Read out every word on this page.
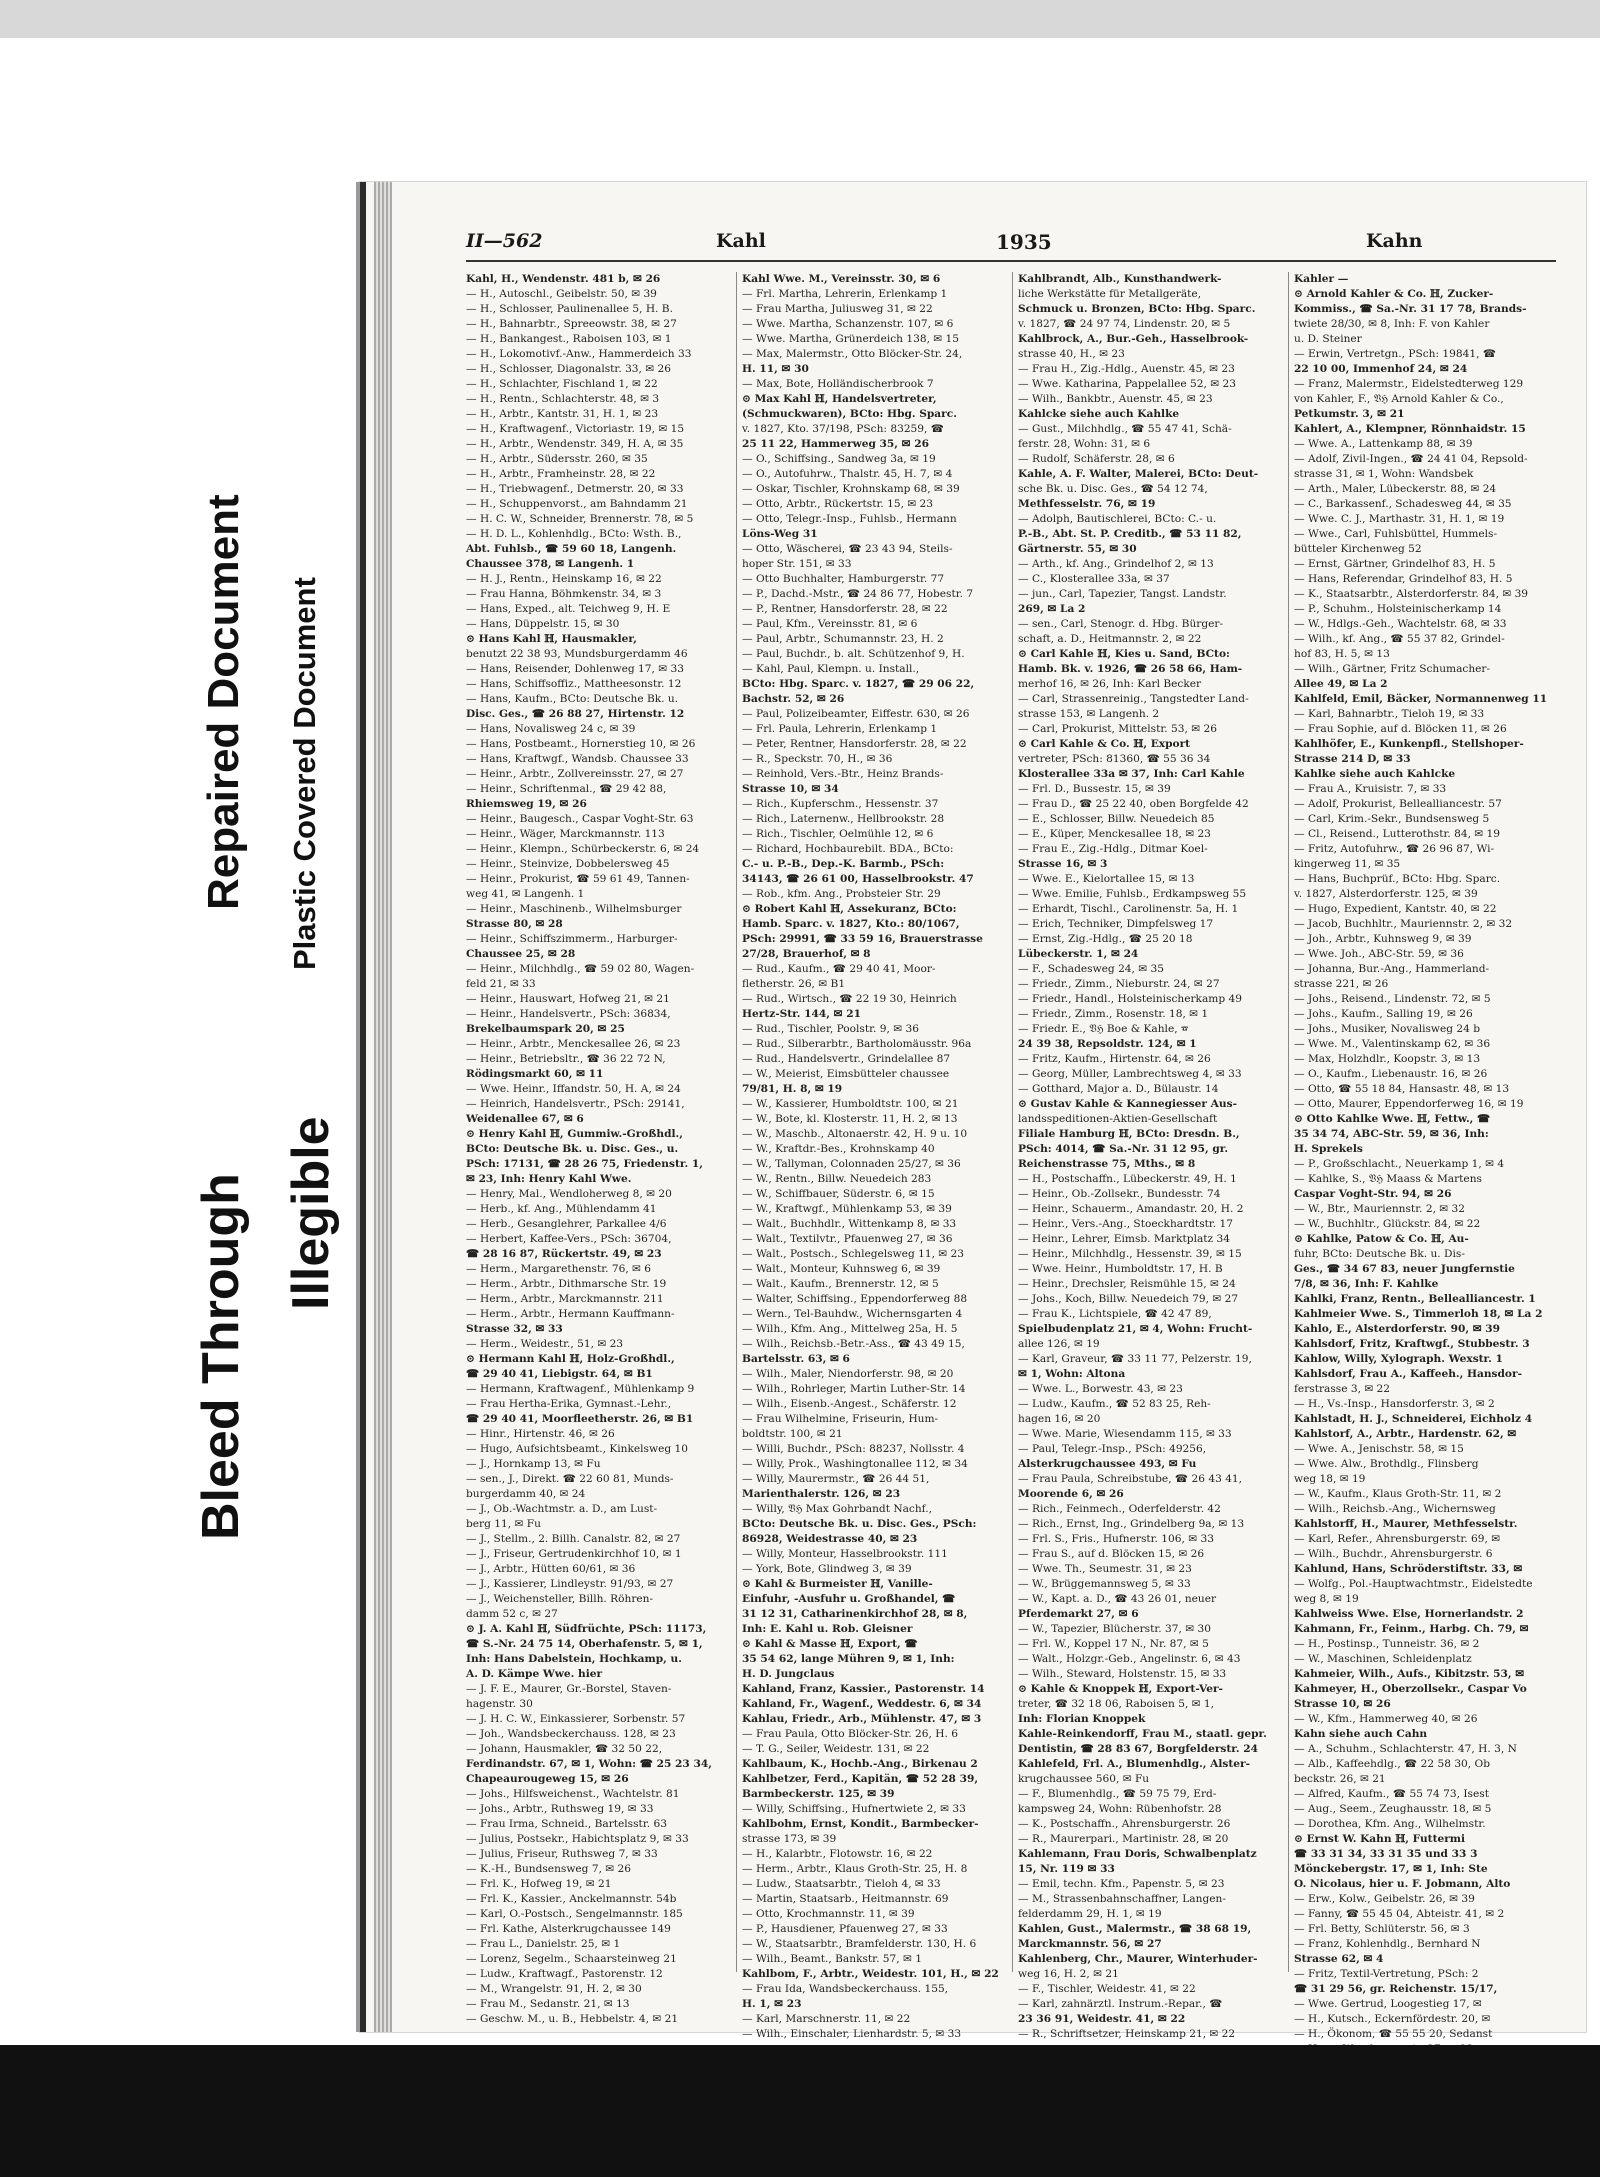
Bleed Through
Repaired Document
Illegible
Plastic Covered Document
II—562	Kahl	1935	Kahn
Kahl, H., Wendenstr. 481 b, ✉ 26
— H., Autoschl., Geibelstr. 50, ✉ 39
— H., Schlosser, Paulinenallee 5, H. B.
— H., Bahnarbtr., Spreeowstr. 38, ✉ 27
— H., Bankangest., Raboisen 103, ✉ 1
— H., Lokomotivf.-Anw., Hammerdeich 33
— H., Schlosser, Diagonalstr. 33, ✉ 26
— H., Schlachter, Fischland 1, ✉ 22
— H., Rentn., Schlachterstr. 48, ✉ 3
— H., Arbtr., Kantstr. 31, H. 1, ✉ 23
— H., Kraftwagenf., Victoriastr. 19, ✉ 15
— H., Arbtr., Wendenstr. 349, H. A, ✉ 35
— H., Arbtr., Südersstr. 260, ✉ 35
— H., Arbtr., Framheinstr. 28, ✉ 22
— H., Triebwagenf., Detmerstr. 20, ✉ 33
— H., Schuppenvorst., am Bahndamm 21
— H. C. W., Schneider, Brennerstr. 78, ✉ 5
— H. D. L., Kohlenhdlg., BCto: Wsth. B.,
Abt. Fuhlsb., ☎ 59 60 18, Langenh.
Chaussee 378, ✉ Langenh. 1
— H. J., Rentn., Heinskamp 16, ✉ 22
— Frau Hanna, Böhmkenstr. 34, ✉ 3
— Hans, Exped., alt. Teichweg 9, H. E
— Hans, Düppelstr. 15, ✉ 30
⊙ Hans Kahl ℍ, Hausmakler,
benutzt 22 38 93, Mundsburgerdamm 46
— Hans, Reisender, Dohlenweg 17, ✉ 33
— Hans, Schiffsoffiz., Mattheesonstr. 12
— Hans, Kaufm., BCto: Deutsche Bk. u.
Disc. Ges., ☎ 26 88 27, Hirtenstr. 12
— Hans, Novalisweg 24 c, ✉ 39
— Hans, Postbeamt., Hornerstieg 10, ✉ 26
— Hans, Kraftwgf., Wandsb. Chaussee 33
— Heinr., Arbtr., Zollvereinsstr. 27, ✉ 27
— Heinr., Schriftenmal., ☎ 29 42 88,
Rhiemsweg 19, ✉ 26
— Heinr., Baugesch., Caspar Voght-Str. 63
— Heinr., Wäger, Marckmannstr. 113
— Heinr., Klempn., Schürbeckerstr. 6, ✉ 24
— Heinr., Steinvize, Dobbelersweg 45
— Heinr., Prokurist, ☎ 59 61 49, Tannen-
weg 41, ✉ Langenh. 1
— Heinr., Maschinenb., Wilhelmsburger
Strasse 80, ✉ 28
— Heinr., Schiffszimmerm., Harburger-
Chaussee 25, ✉ 28
— Heinr., Milchhdlg., ☎ 59 02 80, Wagen-
feld 21, ✉ 33
— Heinr., Hauswart, Hofweg 21, ✉ 21
— Heinr., Handelsvertr., PSch: 36834,
Brekelbaumspark 20, ✉ 25
— Heinr., Arbtr., Menckesallee 26, ✉ 23
— Heinr., Betriebsltr., ☎ 36 22 72 N,
Rödingsmarkt 60, ✉ 11
— Wwe. Heinr., Iffandstr. 50, H. A, ✉ 24
— Heinrich, Handelsvertr., PSch: 29141,
Weidenallee 67, ✉ 6
⊙ Henry Kahl ℍ, Gummiw.-Großhdl.,
BCto: Deutsche Bk. u. Disc. Ges., u.
PSch: 17131, ☎ 28 26 75, Friedenstr. 1,
✉ 23, Inh: Henry Kahl Wwe.
— Henry, Mal., Wendloherweg 8, ✉ 20
— Herb., kf. Ang., Mühlendamm 41
— Herb., Gesanglehrer, Parkallee 4/6
— Herbert, Kaffee-Vers., PSch: 36704,
☎ 28 16 87, Rückertstr. 49, ✉ 23
— Herm., Margarethenstr. 76, ✉ 6
— Herm., Arbtr., Dithmarsche Str. 19
— Herm., Arbtr., Marckmannstr. 211
— Herm., Arbtr., Hermann Kauffmann-
Strasse 32, ✉ 33
— Herm., Weidestr., 51, ✉ 23
⊙ Hermann Kahl ℍ, Holz-Großhdl.,
☎ 29 40 41, Liebigstr. 64, ✉ B1
— Hermann, Kraftwagenf., Mühlenkamp 9
— Frau Hertha-Erika, Gymnast.-Lehr.,
☎ 29 40 41, Moorfleetherstr. 26, ✉ B1
— Hinr., Hirtenstr. 46, ✉ 26
— Hugo, Aufsichtsbeamt., Kinkelsweg 10
— J., Hornkamp 13, ✉ Fu
— sen., J., Direkt. ☎ 22 60 81, Munds-
burgerdamm 40, ✉ 24
— J., Ob.-Wachtmstr. a. D., am Lust-
berg 11, ✉ Fu
— J., Stellm., 2. Billh. Canalstr. 82, ✉ 27
— J., Friseur, Gertrudenkirchhof 10, ✉ 1
— J., Arbtr., Hütten 60/61, ✉ 36
— J., Kassierer, Lindleystr. 91/93, ✉ 27
— J., Weichensteller, Billh. Röhren-
damm 52 c, ✉ 27
⊙ J. A. Kahl ℍ, Südfrüchte, PSch: 11173,
☎ S.-Nr. 24 75 14, Oberhafenstr. 5, ✉ 1,
Inh: Hans Dabelstein, Hochkamp, u.
A. D. Kämpe Wwe. hier
— J. F. E., Maurer, Gr.-Borstel, Staven-
hagenstr. 30
— J. H. C. W., Einkassierer, Sorbenstr. 57
— Joh., Wandsbeckerchauss. 128, ✉ 23
— Johann, Hausmakler, ☎ 32 50 22,
Ferdinandstr. 67, ✉ 1, Wohn: ☎ 25 23 34,
Chapeaurougeweg 15, ✉ 26
— Johs., Hilfsweichenst., Wachtelstr. 81
— Johs., Arbtr., Ruthsweg 19, ✉ 33
— Frau Irma, Schneid., Bartelsstr. 63
— Julius, Postsekr., Habichtsplatz 9, ✉ 33
— Julius, Friseur, Ruthsweg 7, ✉ 33
— K.-H., Bundsensweg 7, ✉ 26
— Frl. K., Hofweg 19, ✉ 21
— Frl. K., Kassier., Anckelmannstr. 54b
— Karl, O.-Postsch., Sengelmannstr. 185
— Frl. Kathe, Alsterkrugchaussee 149
— Frau L., Danielstr. 25, ✉ 1
— Lorenz, Segelm., Schaarsteinweg 21
— Ludw., Kraftwagf., Pastorenstr. 12
— M., Wrangelstr. 91, H. 2, ✉ 30
— Frau M., Sedanstr. 21, ✉ 13
— Geschw. M., u. B., Hebbelstr. 4, ✉ 21
Kahl Wwe. M., Vereinsstr. 30, ✉ 6
— Frl. Martha, Lehrerin, Erlenkamp 1
— Frau Martha, Juliusweg 31, ✉ 22
— Wwe. Martha, Schanzenstr. 107, ✉ 6
— Wwe. Martha, Grünerdeich 138, ✉ 15
— Max, Malermstr., Otto Blöcker-Str. 24,
H. 11, ✉ 30
— Max, Bote, Holländischerbrook 7
⊙ Max Kahl ℍ, Handelsvertreter,
(Schmuckwaren), BCto: Hbg. Sparc.
v. 1827, Kto. 37/198, PSch: 83259, ☎
25 11 22, Hammerweg 35, ✉ 26
— O., Schiffsing., Sandweg 3a, ✉ 19
— O., Autofuhrw., Thalstr. 45, H. 7, ✉ 4
— Oskar, Tischler, Krohnskamp 68, ✉ 39
— Otto, Arbtr., Rückertstr. 15, ✉ 23
— Otto, Telegr.-Insp., Fuhlsb., Hermann
Löns-Weg 31
— Otto, Wäscherei, ☎ 23 43 94, Steils-
hoper Str. 151, ✉ 33
— Otto Buchhalter, Hamburgerstr. 77
— P., Dachd.-Mstr., ☎ 24 86 77, Hobestr. 7
— P., Rentner, Hansdorferstr. 28, ✉ 22
— Paul, Kfm., Vereinsstr. 81, ✉ 6
— Paul, Arbtr., Schumannstr. 23, H. 2
— Paul, Buchdr., b. alt. Schützenhof 9, H.
— Kahl, Paul, Klempn. u. Install.,
BCto: Hbg. Sparc. v. 1827, ☎ 29 06 22,
Bachstr. 52, ✉ 26
— Paul, Polizeibeamter, Eiffestr. 630, ✉ 26
— Frl. Paula, Lehrerin, Erlenkamp 1
— Peter, Rentner, Hansdorferstr. 28, ✉ 22
— R., Speckstr. 70, H., ✉ 36
— Reinhold, Vers.-Btr., Heinz Brands-
Strasse 10, ✉ 34
— Rich., Kupferschm., Hessenstr. 37
— Rich., Laternenw., Hellbrookstr. 28
— Rich., Tischler, Oelmühle 12, ✉ 6
— Richard, Hochbaurebilt. BDA., BCto:
C.- u. P.-B., Dep.-K. Barmb., PSch:
34143, ☎ 26 61 00, Hasselbrookstr. 47
— Rob., kfm. Ang., Probsteier Str. 29
⊙ Robert Kahl ℍ, Assekuranz, BCto:
Hamb. Sparc. v. 1827, Kto.: 80/1067,
PSch: 29991, ☎ 33 59 16, Brauerstrasse
27/28, Brauerhof, ✉ 8
— Rud., Kaufm., ☎ 29 40 41, Moor-
fletherstr. 26, ✉ B1
— Rud., Wirtsch., ☎ 22 19 30, Heinrich
Hertz-Str. 144, ✉ 21
— Rud., Tischler, Poolstr. 9, ✉ 36
— Rud., Silberarbtr., Bartholomäusstr. 96a
— Rud., Handelsvertr., Grindelallee 87
— W., Meierist, Eimsbütteler chaussee
79/81, H. 8, ✉ 19
— W., Kassierer, Humboldtstr. 100, ✉ 21
— W., Bote, kl. Klosterstr. 11, H. 2, ✉ 13
— W., Maschb., Altonaerstr. 42, H. 9 u. 10
— W., Kraftdr.-Bes., Krohnskamp 40
— W., Tallyman, Colonnaden 25/27, ✉ 36
— W., Rentn., Billw. Neuedeich 283
— W., Schiffbauer, Süderstr. 6, ✉ 15
— W., Kraftwgf., Mühlenkamp 53, ✉ 39
— Walt., Buchhdlr., Wittenkamp 8, ✉ 33
— Walt., Textilvtr., Pfauenweg 27, ✉ 36
— Walt., Postsch., Schlegelsweg 11, ✉ 23
— Walt., Monteur, Kuhnsweg 6, ✉ 39
— Walt., Kaufm., Brennerstr. 12, ✉ 5
— Walter, Schiffsing., Eppendorferweg 88
— Wern., Tel-Bauhdw., Wichernsgarten 4
— Wilh., Kfm. Ang., Mittelweg 25a, H. 5
— Wilh., Reichsb.-Betr.-Ass., ☎ 43 49 15,
Bartelsstr. 63, ✉ 6
— Wilh., Maler, Niendorferstr. 98, ✉ 20
— Wilh., Rohrleger, Martin Luther-Str. 14
— Wilh., Eisenb.-Angest., Schäferstr. 12
— Frau Wilhelmine, Friseurin, Hum-
boldtstr. 100, ✉ 21
— Willi, Buchdr., PSch: 88237, Nollsstr. 4
— Willy, Prok., Washingtonallee 112, ✉ 34
— Willy, Maurermstr., ☎ 26 44 51,
Marienthalerstr. 126, ✉ 23
— Willy, 𝔙ℌ Max Gohrbandt Nachf.,
BCto: Deutsche Bk. u. Disc. Ges., PSch:
86928, Weidestrasse 40, ✉ 23
— Willy, Monteur, Hasselbrookstr. 111
— York, Bote, Glindweg 3, ✉ 39
⊙ Kahl & Burmeister ℍ, Vanille-
Einfuhr, -Ausfuhr u. Großhandel, ☎
31 12 31, Catharinenkirchhof 28, ✉ 8,
Inh: E. Kahl u. Rob. Gleisner
⊙ Kahl & Masse ℍ, Export, ☎
35 54 62, lange Mühren 9, ✉ 1, Inh:
H. D. Jungclaus
Kahland, Franz, Kassier., Pastorenstr. 14
Kahland, Fr., Wagenf., Weddestr. 6, ✉ 34
Kahlau, Friedr., Arb., Mühlenstr. 47, ✉ 3
— Frau Paula, Otto Blöcker-Str. 26, H. 6
— T. G., Seiler, Weidestr. 131, ✉ 22
Kahlbaum, K., Hochb.-Ang., Birkenau 2
Kahlbetzer, Ferd., Kapitän, ☎ 52 28 39,
Barmbeckerstr. 125, ✉ 39
— Willy, Schiffsing., Hufnertwiete 2, ✉ 33
Kahlbohm, Ernst, Kondit., Barmbecker-
strasse 173, ✉ 39
— H., Kalarbtr., Flotowstr. 16, ✉ 22
— Herm., Arbtr., Klaus Groth-Str. 25, H. 8
— Ludw., Staatsarbtr., Tieloh 4, ✉ 33
— Martin, Staatsarb., Heitmannstr. 69
— Otto, Krochmannstr. 11, ✉ 39
— P., Hausdiener, Pfauenweg 27, ✉ 33
— W., Staatsarbtr., Bramfelderstr. 130, H. 6
— Wilh., Beamt., Bankstr. 57, ✉ 1
Kahlbom, F., Arbtr., Weidestr. 101, H., ✉ 22
— Frau Ida, Wandsbeckerchauss. 155,
H. 1, ✉ 23
— Karl, Marschnerstr. 11, ✉ 22
— Wilh., Einschaler, Lienhardstr. 5, ✉ 33
Kahlbrandt, Alb., Kunsthandwerk-
liche Werkstätte für Metallgeräte,
Schmuck u. Bronzen, BCto: Hbg. Sparc.
v. 1827, ☎ 24 97 74, Lindenstr. 20, ✉ 5
Kahlbrock, A., Bur.-Geh., Hasselbrook-
strasse 40, H., ✉ 23
— Frau H., Zig.-Hdlg., Auenstr. 45, ✉ 23
— Wwe. Katharina, Pappelallee 52, ✉ 23
— Wilh., Bankbtr., Auenstr. 45, ✉ 23
Kahlcke siehe auch Kahlke
— Gust., Milchhdlg., ☎ 55 47 41, Schä-
ferstr. 28, Wohn: 31, ✉ 6
— Rudolf, Schäferstr. 28, ✉ 6
Kahle, A. F. Walter, Malerei, BCto: Deut-
sche Bk. u. Disc. Ges., ☎ 54 12 74,
Methfesselstr. 76, ✉ 19
— Adolph, Bautischlerei, BCto: C.- u.
P.-B., Abt. St. P. Creditb., ☎ 53 11 82,
Gärtnerstr. 55, ✉ 30
— Arth., kf. Ang., Grindelhof 2, ✉ 13
— C., Klosterallee 33a, ✉ 37
— jun., Carl, Tapezier, Tangst. Landstr.
269, ✉ La 2
— sen., Carl, Stenogr. d. Hbg. Bürger-
schaft, a. D., Heitmannstr. 2, ✉ 22
⊙ Carl Kahle ℍ, Kies u. Sand, BCto:
Hamb. Bk. v. 1926, ☎ 26 58 66, Ham-
merhof 16, ✉ 26, Inh: Karl Becker
— Carl, Strassenreinig., Tangstedter Land-
strasse 153, ✉ Langenh. 2
— Carl, Prokurist, Mittelstr. 53, ✉ 26
⊙ Carl Kahle & Co. ℍ, Export
vertreter, PSch: 81360, ☎ 55 36 34
Klosterallee 33a ✉ 37, Inh: Carl Kahle
— Frl. D., Bussestr. 15, ✉ 39
— Frau D., ☎ 25 22 40, oben Borgfelde 42
— E., Schlosser, Billw. Neuedeich 85
— E., Küper, Menckesallee 18, ✉ 23
— Frau E., Zig.-Hdlg., Ditmar Koel-
Strasse 16, ✉ 3
— Wwe. E., Kielortallee 15, ✉ 13
— Wwe. Emilie, Fuhlsb., Erdkampsweg 55
— Erhardt, Tischl., Carolinenstr. 5a, H. 1
— Erich, Techniker, Dimpfelsweg 17
— Ernst, Zig.-Hdlg., ☎ 25 20 18
Lübeckerstr. 1, ✉ 24
— F., Schadesweg 24, ✉ 35
— Friedr., Zimm., Nieburstr. 24, ✉ 27
— Friedr., Handl., Holsteinischerkamp 49
— Friedr., Zimm., Rosenstr. 18, ✉ 1
— Friedr. E., 𝔙ℌ Boe & Kahle, ☎
24 39 38, Repsoldstr. 124, ✉ 1
— Fritz, Kaufm., Hirtenstr. 64, ✉ 26
— Georg, Müller, Lambrechtsweg 4, ✉ 33
— Gotthard, Major a. D., Bülaustr. 14
⊙ Gustav Kahle & Kannegiesser Aus-
landsspeditionen-Aktien-Gesellschaft
Filiale Hamburg ℍ, BCto: Dresdn. B.,
PSch: 4014, ☎ Sa.-Nr. 31 12 95, gr.
Reichenstrasse 75, Mths., ✉ 8
— H., Postschaffn., Lübeckerstr. 49, H. 1
— Heinr., Ob.-Zollsekr., Bundesstr. 74
— Heinr., Schauerm., Amandastr. 20, H. 2
— Heinr., Vers.-Ang., Stoeckhardtstr. 17
— Heinr., Lehrer, Eimsb. Marktplatz 34
— Heinr., Milchhdlg., Hessenstr. 39, ✉ 15
— Wwe. Heinr., Humboldtstr. 17, H. B
— Heinr., Drechsler, Reismühle 15, ✉ 24
— Johs., Koch, Billw. Neuedeich 79, ✉ 27
— Frau K., Lichtspiele, ☎ 42 47 89,
Spielbudenplatz 21, ✉ 4, Wohn: Frucht-
allee 126, ✉ 19
— Karl, Graveur, ☎ 33 11 77, Pelzerstr. 19,
✉ 1, Wohn: Altona
— Wwe. L., Borwestr. 43, ✉ 23
— Ludw., Kaufm., ☎ 52 83 25, Reh-
hagen 16, ✉ 20
— Wwe. Marie, Wiesendamm 115, ✉ 33
— Paul, Telegr.-Insp., PSch: 49256,
Alsterkrugchaussee 493, ✉ Fu
— Frau Paula, Schreibstube, ☎ 26 43 41,
Moorende 6, ✉ 26
— Rich., Feinmech., Oderfelderstr. 42
— Rich., Ernst, Ing., Grindelberg 9a, ✉ 13
— Frl. S., Fris., Hufnerstr. 106, ✉ 33
— Frau S., auf d. Blöcken 15, ✉ 26
— Wwe. Th., Seumestr. 31, ✉ 23
— W., Brüggemannsweg 5, ✉ 33
— W., Kapt. a. D., ☎ 43 26 01, neuer
Pferdemarkt 27, ✉ 6
— W., Tapezier, Blücherstr. 37, ✉ 30
— Frl. W., Koppel 17 N., Nr. 87, ✉ 5
— Walt., Holzgr.-Geb., Angelinstr. 6, ✉ 43
— Wilh., Steward, Holstenstr. 15, ✉ 33
⊙ Kahle & Knoppek ℍ, Export-Ver-
treter, ☎ 32 18 06, Raboisen 5, ✉ 1,
Inh: Florian Knoppek
Kahle-Reinkendorff, Frau M., staatl. gepr.
Dentistin, ☎ 28 83 67, Borgfelderstr. 24
Kahlefeld, Frl. A., Blumenhdlg., Alster-
krugchaussee 560, ✉ Fu
— F., Blumenhdlg., ☎ 59 75 79, Erd-
kampsweg 24, Wohn: Rübenhofstr. 28
— K., Postschaffn., Ahrensburgerstr. 26
— R., Maurerpari., Martinistr. 28, ✉ 20
Kahlemann, Frau Doris, Schwalbenplatz
15, Nr. 119 ✉ 33
— Emil, techn. Kfm., Papenstr. 5, ✉ 23
— M., Strassenbahnschaffner, Langen-
felderdamm 29, H. 1, ✉ 19
Kahlen, Gust., Malermstr., ☎ 38 68 19,
Marckmannstr. 56, ✉ 27
Kahlenberg, Chr., Maurer, Winterhuder-
weg 16, H. 2, ✉ 21
— F., Tischler, Weidestr. 41, ✉ 22
— Karl, zahnärztl. Instrum.-Repar., ☎
23 36 91, Weidestr. 41, ✉ 22
— R., Schriftsetzer, Heinskamp 21, ✉ 22
Kahler —
⊙ Arnold Kahler & Co. ℍ, Zucker-
Kommiss., ☎ Sa.-Nr. 31 17 78, Brands-
twiete 28/30, ✉ 8, Inh: F. von Kahler
u. D. Steiner
— Erwin, Vertretgn., PSch: 19841, ☎
22 10 00, Immenhof 24, ✉ 24
— Franz, Malermstr., Eidelstedterweg 129
von Kahler, F., 𝔙ℌ Arnold Kahler & Co.,
Petkumstr. 3, ✉ 21
Kahlert, A., Klempner, Rönnhaidstr. 15
— Wwe. A., Lattenkamp 88, ✉ 39
— Adolf, Zivil-Ingen., ☎ 24 41 04, Repsold-
strasse 31, ✉ 1, Wohn: Wandsbek
— Arth., Maler, Lübeckerstr. 88, ✉ 24
— C., Barkassenf., Schadesweg 44, ✉ 35
— Wwe. C. J., Marthastr. 31, H. 1, ✉ 19
— Wwe., Carl, Fuhlsbüttel, Hummels-
bütteler Kirchenweg 52
— Ernst, Gärtner, Grindelhof 83, H. 5
— Hans, Referendar, Grindelhof 83, H. 5
— K., Staatsarbtr., Alsterdorferstr. 84, ✉ 39
— P., Schuhm., Holsteinischerkamp 14
— W., Hdlgs.-Geh., Wachtelstr. 68, ✉ 33
— Wilh., kf. Ang., ☎ 55 37 82, Grindel-
hof 83, H. 5, ✉ 13
— Wilh., Gärtner, Fritz Schumacher-
Allee 49, ✉ La 2
Kahlfeld, Emil, Bäcker, Normannenweg 11
— Karl, Bahnarbtr., Tieloh 19, ✉ 33
— Frau Sophie, auf d. Blöcken 11, ✉ 26
Kahlhöfer, E., Kunkenpfl., Stellshoper-
Strasse 214 D, ✉ 33
Kahlke siehe auch Kahlcke
— Frau A., Kruisistr. 7, ✉ 33
— Adolf, Prokurist, Bellealliancestr. 57
— Carl, Krim.-Sekr., Bundsensweg 5
— Cl., Reisend., Lutterothstr. 84, ✉ 19
— Fritz, Autofuhrw., ☎ 26 96 87, Wi-
kingerweg 11, ✉ 35
— Hans, Buchprüf., BCto: Hbg. Sparc.
v. 1827, Alsterdorferstr. 125, ✉ 39
— Hugo, Expedient, Kantstr. 40, ✉ 22
— Jacob, Buchhltr., Mauriennstr. 2, ✉ 32
— Joh., Arbtr., Kuhnsweg 9, ✉ 39
— Wwe. Joh., ABC-Str. 59, ✉ 36
— Johanna, Bur.-Ang., Hammerland-
strasse 221, ✉ 26
— Johs., Reisend., Lindenstr. 72, ✉ 5
— Johs., Kaufm., Salling 19, ✉ 26
— Johs., Musiker, Novalisweg 24 b
— Wwe. M., Valentinskamp 62, ✉ 36
— Max, Holzhdlr., Koopstr. 3, ✉ 13
— O., Kaufm., Liebenaustr. 16, ✉ 26
— Otto, ☎ 55 18 84, Hansastr. 48, ✉ 13
— Otto, Maurer, Eppendorferweg 16, ✉ 19
⊙ Otto Kahlke Wwe. ℍ, Fettw., ☎
35 34 74, ABC-Str. 59, ✉ 36, Inh:
H. Sprekels
— P., Großschlacht., Neuerkamp 1, ✉ 4
— Kahlke, S., 𝔙ℌ Maass & Martens
Caspar Voght-Str. 94, ✉ 26
— W., Btr., Mauriennstr. 2, ✉ 32
— W., Buchhltr., Glückstr. 84, ✉ 22
⊙ Kahlke, Patow & Co. ℍ, Au-
fuhr, BCto: Deutsche Bk. u. Dis-
Ges., ☎ 34 67 83, neuer Jungfernstie
7/8, ✉ 36, Inh: F. Kahlke
Kahlki, Franz, Rentn., Bellealliancestr. 1
Kahlmeier Wwe. S., Timmerloh 18, ✉ La 2
Kahlo, E., Alsterdorferstr. 90, ✉ 39
Kahlsdorf, Fritz, Kraftwgf., Stubbestr. 3
Kahlow, Willy, Xylograph. Wexstr. 1
Kahlsdorf, Frau A., Kaffeeh., Hansdor-
ferstrasse 3, ✉ 22
— H., Vs.-Insp., Hansdorferstr. 3, ✉ 2
Kahlstadt, H. J., Schneiderei, Eichholz 4
Kahlstorf, A., Arbtr., Hardenstr. 62, ✉
— Wwe. A., Jenischstr. 58, ✉ 15
— Wwe. Alw., Brothdlg., Flinsberg
weg 18, ✉ 19
— W., Kaufm., Klaus Groth-Str. 11, ✉ 2
— Wilh., Reichsb.-Ang., Wichernsweg
Kahlstorff, H., Maurer, Methfesselstr.
— Karl, Refer., Ahrensburgerstr. 69, ✉
— Wilh., Buchdr., Ahrensburgerstr. 6
Kahlund, Hans, Schröderstiftstr. 33, ✉
— Wolfg., Pol.-Hauptwachtmstr., Eidelstedte
weg 8, ✉ 19
Kahlweiss Wwe. Else, Hornerlandstr. 2
Kahmann, Fr., Feinm., Harbg. Ch. 79, ✉
— H., Postinsp., Tunneistr. 36, ✉ 2
— W., Maschinen, Schleidenplatz
Kahmeier, Wilh., Aufs., Kibitzstr. 53, ✉
Kahmeyer, H., Oberzollsekr., Caspar Vo
Strasse 10, ✉ 26
— W., Kfm., Hammerweg 40, ✉ 26
Kahn siehe auch Cahn
— A., Schuhm., Schlachterstr. 47, H. 3, N
— Alb., Kaffeehdlg., ☎ 22 58 30, Ob
beckstr. 26, ✉ 21
— Alfred, Kaufm., ☎ 55 74 73, Isest
— Aug., Seem., Zeughausstr. 18, ✉ 5
— Dorothea, Kfm. Ang., Wilhelmstr.
⊙ Ernst W. Kahn ℍ, Futtermi
☎ 33 31 34, 33 31 35 und 33 3
Mönckebergstr. 17, ✉ 1, Inh: Ste
O. Nicolaus, hier u. F. Jobmann, Alto
— Erw., Kolw., Geibelstr. 26, ✉ 39
— Fanny, ☎ 55 45 04, Abteistr. 41, ✉ 2
— Frl. Betty, Schlüterstr. 56, ✉ 3
— Franz, Kohlenhdlg., Bernhard N
Strasse 62, ✉ 4
— Fritz, Textil-Vertretung, PSch: 2
☎ 31 29 56, gr. Reichenstr. 15/17,
— Wwe. Gertrud, Loogestieg 17, ✉
— H., Kutsch., Eckernfördestr. 20, ✉
— H., Ökonom, ☎ 55 55 20, Sedanst
